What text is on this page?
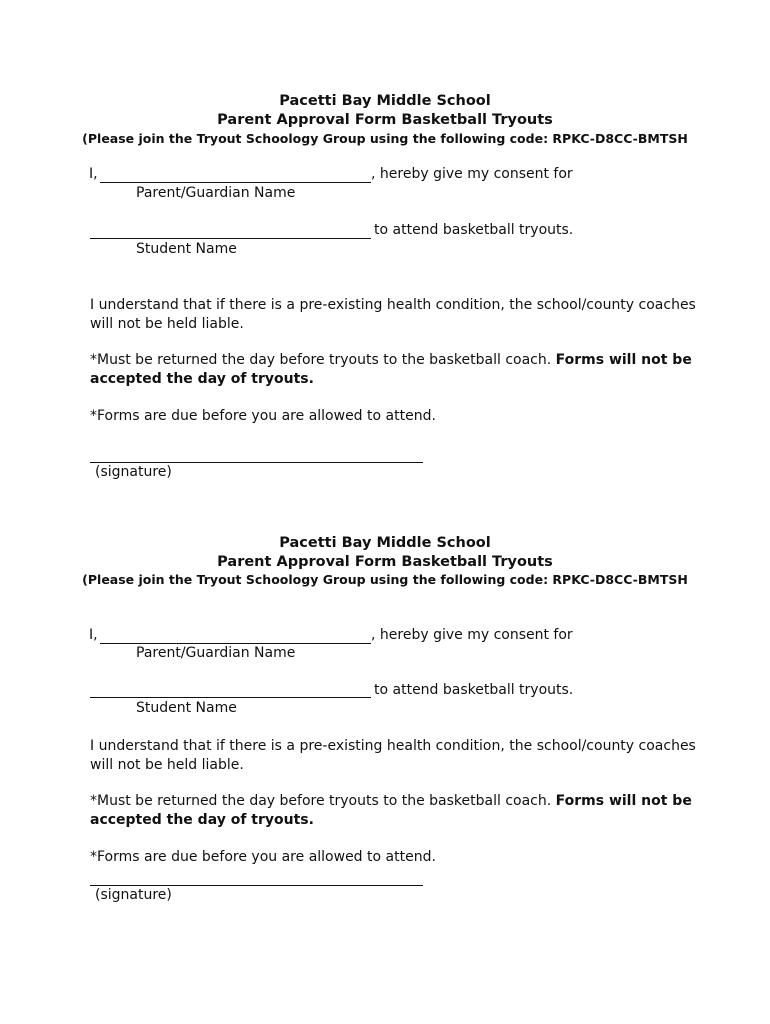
Pacetti Bay Middle School
Parent Approval Form Basketball Tryouts
(Please join the Tryout Schoology Group using the following code: RPKC-D8CC-BMTSH
I,	, hereby give my consent for
Parent/Guardian Name
to attend basketball tryouts.
Student Name
I understand that if there is a pre-existing health condition, the school/county coaches
will not be held liable.
*Must be returned the day before tryouts to the basketball coach. Forms will not be
accepted the day of tryouts.
*Forms are due before you are allowed to attend.
(signature)
Pacetti Bay Middle School
Parent Approval Form Basketball Tryouts
(Please join the Tryout Schoology Group using the following code: RPKC-D8CC-BMTSH
I,	, hereby give my consent for
Parent/Guardian Name
to attend basketball tryouts.
Student Name
I understand that if there is a pre-existing health condition, the school/county coaches
will not be held liable.
*Must be returned the day before tryouts to the basketball coach. Forms will not be
accepted the day of tryouts.
*Forms are due before you are allowed to attend.
(signature)
